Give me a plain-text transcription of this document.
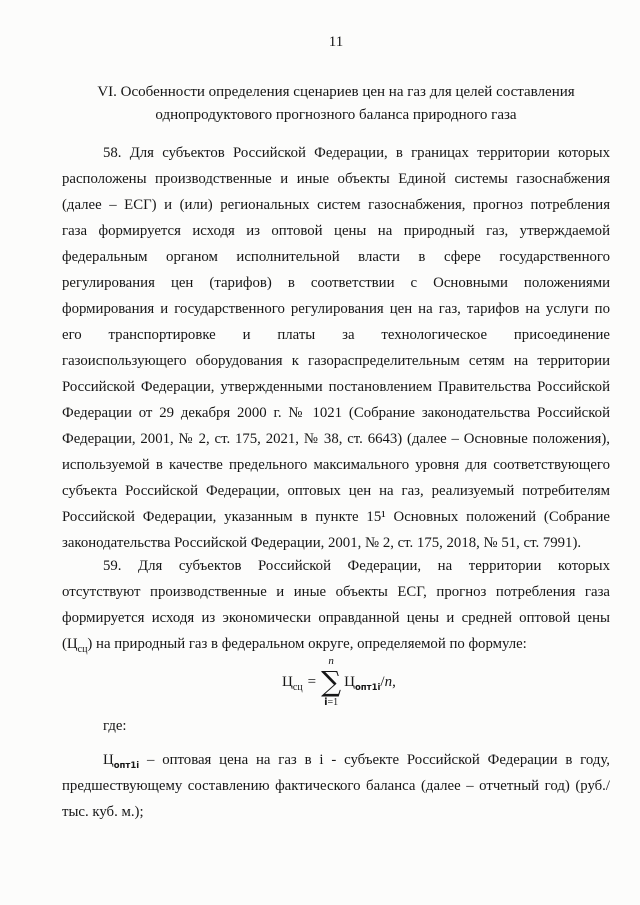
11
VI. Особенности определения сценариев цен на газ для целей составления
однопродуктового прогнозного баланса природного газа
58. Для субъектов Российской Федерации, в границах территории которых
расположены производственные и иные объекты Единой системы газоснабжения
(далее – ЕСГ) и (или) региональных систем газоснабжения, прогноз потребления
газа формируется исходя из оптовой цены на природный газ, утверждаемой
федеральным органом исполнительной власти в сфере государственного
регулирования цен (тарифов) в соответствии с Основными положениями
формирования и государственного регулирования цен на газ, тарифов на услуги по
его транспортировке и платы за технологическое присоединение
газоиспользующего оборудования к газораспределительным сетям на территории
Российской Федерации, утвержденными постановлением Правительства Российской
Федерации от 29 декабря 2000 г. № 1021 (Собрание законодательства Российской
Федерации, 2001, № 2, ст. 175, 2021, № 38, ст. 6643) (далее – Основные положения),
используемой в качестве предельного максимального уровня для соответствующего
субъекта Российской Федерации, оптовых цен на газ, реализуемый потребителям
Российской Федерации, указанным в пункте 15¹ Основных положений (Собрание
законодательства Российской Федерации, 2001, № 2, ст. 175, 2018, № 51, ст. 7991).
59. Для субъектов Российской Федерации, на территории которых
отсутствуют производственные и иные объекты ЕСГ, прогноз потребления газа
формируется исходя из экономически оправданной цены и средней оптовой цены
$(Ц_{сц})$ на природный газ в федеральном округе, определяемой по формуле:
$Ц_{сц}$ =
n
∑
i=1
$Ц_{опт1i}$ /n,
где:
$Ц_{опт1i}$ – оптовая цена на газ в i - субъекте Российской Федерации в году,
предшествующему составлению фактического баланса (далее – отчетный год) (руб./
тыс. куб. м.);
